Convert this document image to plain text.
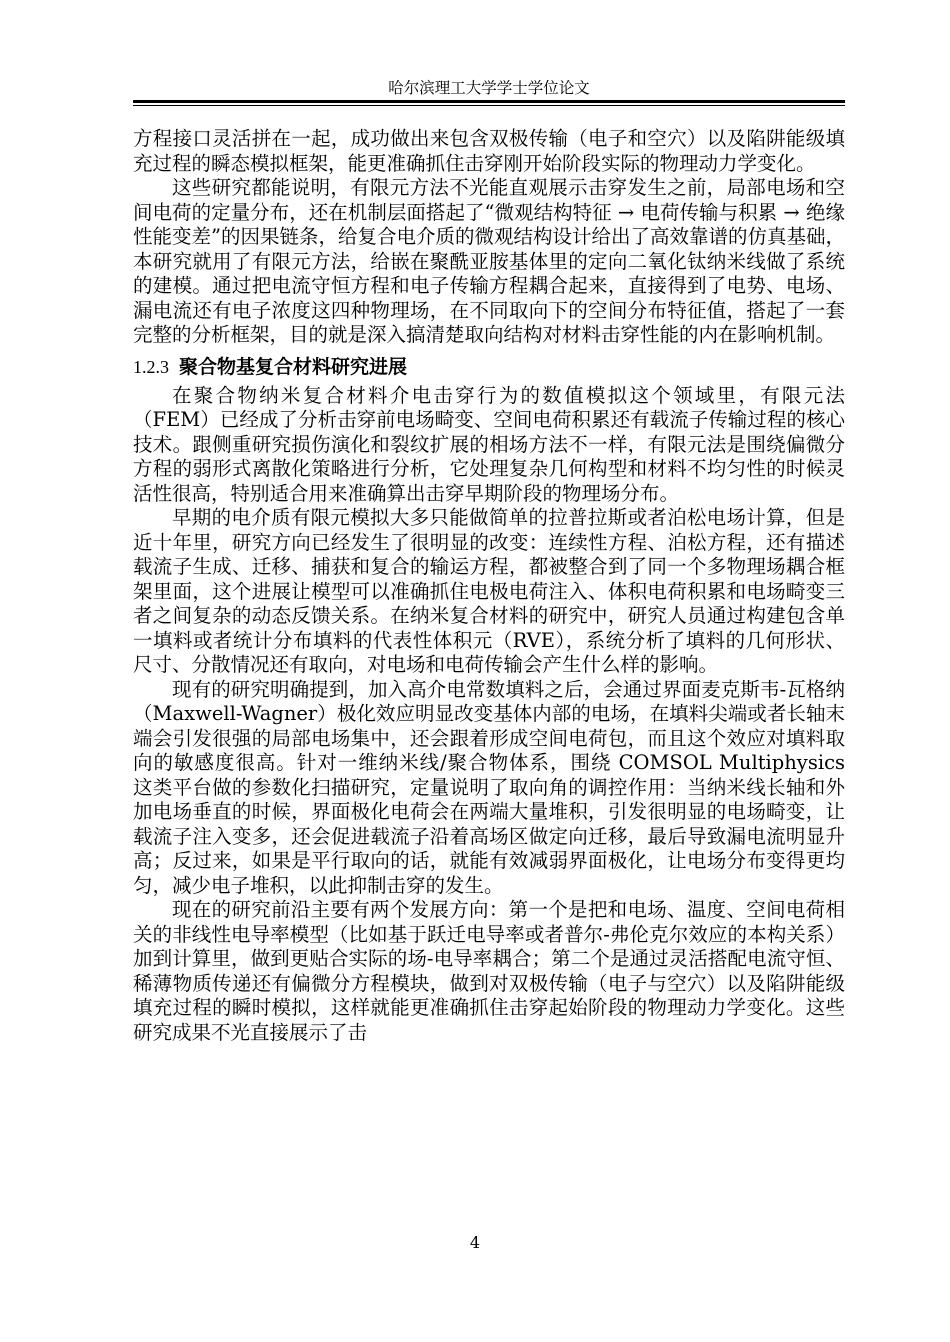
哈尔滨理工大学学士学位论文

方程接口灵活拼在一起，成功做出来包含双极传输（电子和空穴）以及陷阱能级填充过程的瞬态模拟框架，能更准确抓住击穿刚开始阶段实际的物理动力学变化。

这些研究都能说明，有限元方法不光能直观展示击穿发生之前，局部电场和空间电荷的定量分布，还在机制层面搭起了“微观结构特征 → 电荷传输与积累 → 绝缘性能变差”的因果链条，给复合电介质的微观结构设计给出了高效靠谱的仿真基础，本研究就用了有限元方法，给嵌在聚酰亚胺基体里的定向二氧化钛纳米线做了系统的建模。通过把电流守恒方程和电子传输方程耦合起来，直接得到了电势、电场、漏电流还有电子浓度这四种物理场，在不同取向下的空间分布特征值，搭起了一套完整的分析框架，目的就是深入搞清楚取向结构对材料击穿性能的内在影响机制。

1.2.3 聚合物基复合材料研究进展

在聚合物纳米复合材料介电击穿行为的数值模拟这个领域里，有限元法（FEM）已经成了分析击穿前电场畸变、空间电荷积累还有载流子传输过程的核心技术。跟侧重研究损伤演化和裂纹扩展的相场方法不一样，有限元法是围绕偏微分方程的弱形式离散化策略进行分析，它处理复杂几何构型和材料不均匀性的时候灵活性很高，特别适合用来准确算出击穿早期阶段的物理场分布。

早期的电介质有限元模拟大多只能做简单的拉普拉斯或者泊松电场计算，但是近十年里，研究方向已经发生了很明显的改变：连续性方程、泊松方程，还有描述载流子生成、迁移、捕获和复合的输运方程，都被整合到了同一个多物理场耦合框架里面，这个进展让模型可以准确抓住电极电荷注入、体积电荷积累和电场畸变三者之间复杂的动态反馈关系。在纳米复合材料的研究中，研究人员通过构建包含单一填料或者统计分布填料的代表性体积元（RVE），系统分析了填料的几何形状、尺寸、分散情况还有取向，对电场和电荷传输会产生什么样的影响。

现有的研究明确提到，加入高介电常数填料之后，会通过界面麦克斯韦-瓦格纳（Maxwell-Wagner）极化效应明显改变基体内部的电场，在填料尖端或者长轴末端会引发很强的局部电场集中，还会跟着形成空间电荷包，而且这个效应对填料取向的敏感度很高。针对一维纳米线/聚合物体系，围绕 COMSOL Multiphysics 这类平台做的参数化扫描研究，定量说明了取向角的调控作用：当纳米线长轴和外加电场垂直的时候，界面极化电荷会在两端大量堆积，引发很明显的电场畸变，让载流子注入变多，还会促进载流子沿着高场区做定向迁移，最后导致漏电流明显升高；反过来，如果是平行取向的话，就能有效减弱界面极化，让电场分布变得更均匀，减少电子堆积，以此抑制击穿的发生。

现在的研究前沿主要有两个发展方向：第一个是把和电场、温度、空间电荷相关的非线性电导率模型（比如基于跃迁电导率或者普尔-弗伦克尔效应的本构关系）加到计算里，做到更贴合实际的场-电导率耦合；第二个是通过灵活搭配电流守恒、稀薄物质传递还有偏微分方程模块，做到对双极传输（电子与空穴）以及陷阱能级填充过程的瞬时模拟，这样就能更准确抓住击穿起始阶段的物理动力学变化。这些研究成果不光直接展示了击

4
